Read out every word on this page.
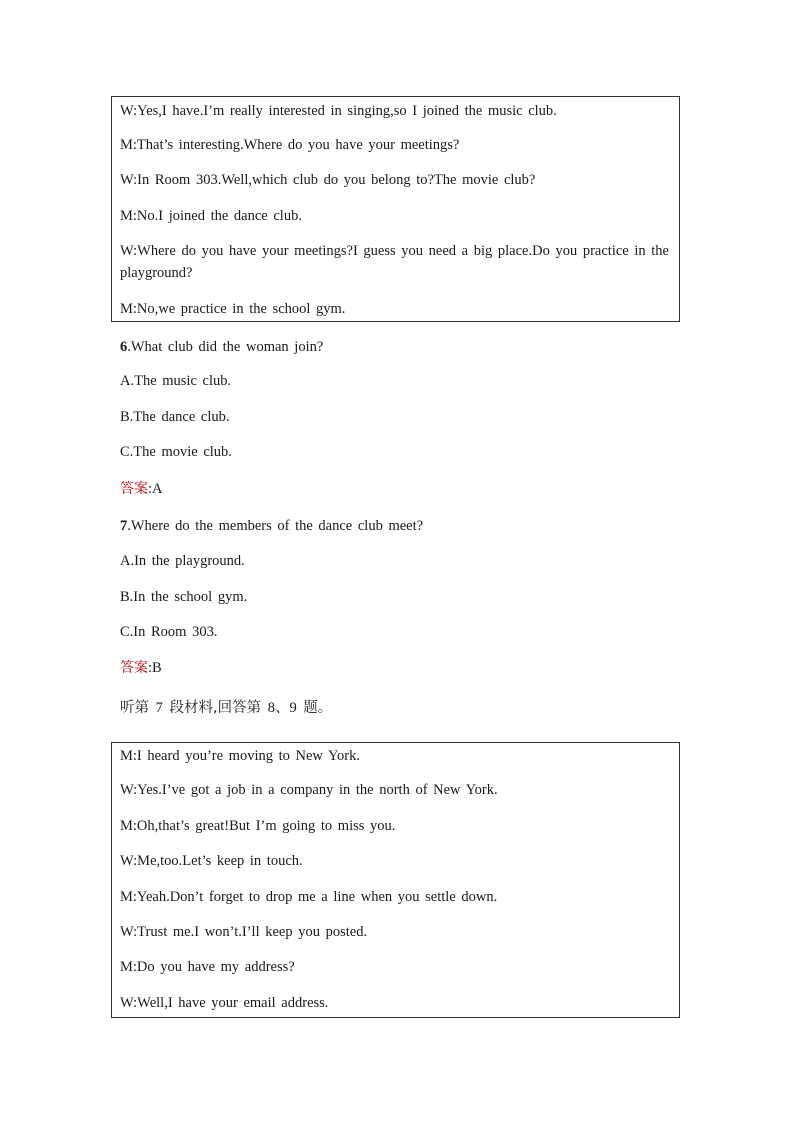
W:Yes,I have.I’m really interested in singing,so I joined the music club.
M:That’s interesting.Where do you have your meetings?
W:In Room 303.Well,which club do you belong to?The movie club?
M:No.I joined the dance club.
W:Where do you have your meetings?I guess you need a big place.Do you practice in the playground?
M:No,we practice in the school gym.
6.What club did the woman join?
A.The music club.
B.The dance club.
C.The movie club.
答案:A
7.Where do the members of the dance club meet?
A.In the playground.
B.In the school gym.
C.In Room 303.
答案:B
听第 7 段材料,回答第 8、9 题。
M:I heard you’re moving to New York.
W:Yes.I’ve got a job in a company in the north of New York.
M:Oh,that’s great!But I’m going to miss you.
W:Me,too.Let’s keep in touch.
M:Yeah.Don’t forget to drop me a line when you settle down.
W:Trust me.I won’t.I’ll keep you posted.
M:Do you have my address?
W:Well,I have your email address.
